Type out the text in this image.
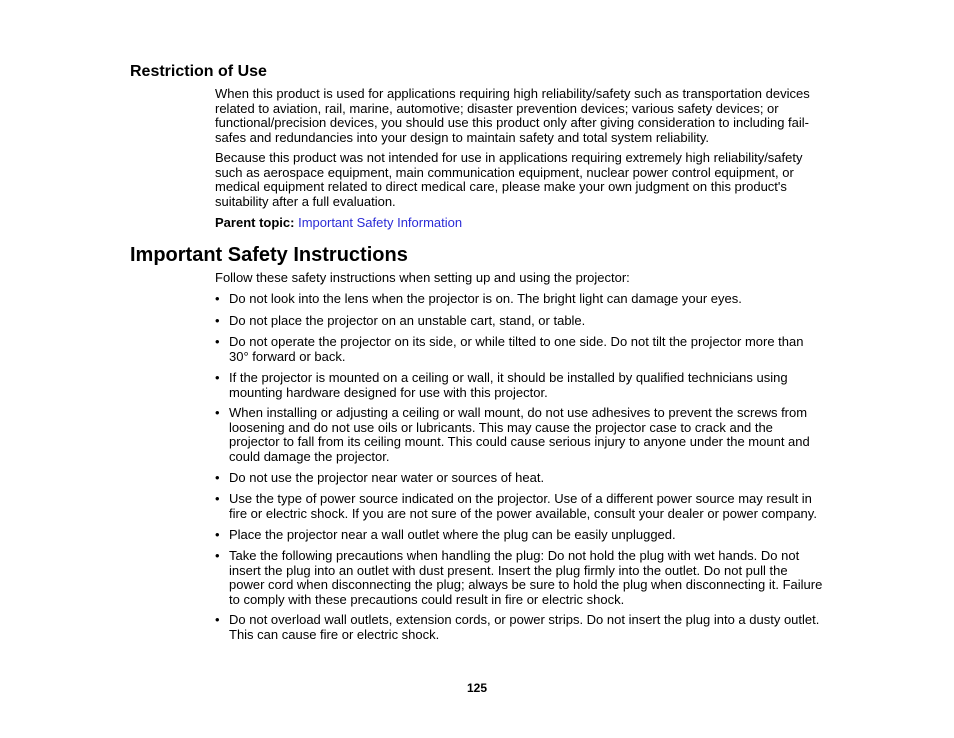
Restriction of Use

When this product is used for applications requiring high reliability/safety such as transportation devices related to aviation, rail, marine, automotive; disaster prevention devices; various safety devices; or functional/precision devices, you should use this product only after giving consideration to including fail-safes and redundancies into your design to maintain safety and total system reliability.

Because this product was not intended for use in applications requiring extremely high reliability/safety such as aerospace equipment, main communication equipment, nuclear power control equipment, or medical equipment related to direct medical care, please make your own judgment on this product's suitability after a full evaluation.

Parent topic: Important Safety Information

Important Safety Instructions

Follow these safety instructions when setting up and using the projector:

• Do not look into the lens when the projector is on. The bright light can damage your eyes.
• Do not place the projector on an unstable cart, stand, or table.
• Do not operate the projector on its side, or while tilted to one side. Do not tilt the projector more than 30° forward or back.
• If the projector is mounted on a ceiling or wall, it should be installed by qualified technicians using mounting hardware designed for use with this projector.
• When installing or adjusting a ceiling or wall mount, do not use adhesives to prevent the screws from loosening and do not use oils or lubricants. This may cause the projector case to crack and the projector to fall from its ceiling mount. This could cause serious injury to anyone under the mount and could damage the projector.
• Do not use the projector near water or sources of heat.
• Use the type of power source indicated on the projector. Use of a different power source may result in fire or electric shock. If you are not sure of the power available, consult your dealer or power company.
• Place the projector near a wall outlet where the plug can be easily unplugged.
• Take the following precautions when handling the plug: Do not hold the plug with wet hands. Do not insert the plug into an outlet with dust present. Insert the plug firmly into the outlet. Do not pull the power cord when disconnecting the plug; always be sure to hold the plug when disconnecting it. Failure to comply with these precautions could result in fire or electric shock.
• Do not overload wall outlets, extension cords, or power strips. Do not insert the plug into a dusty outlet. This can cause fire or electric shock.

125
